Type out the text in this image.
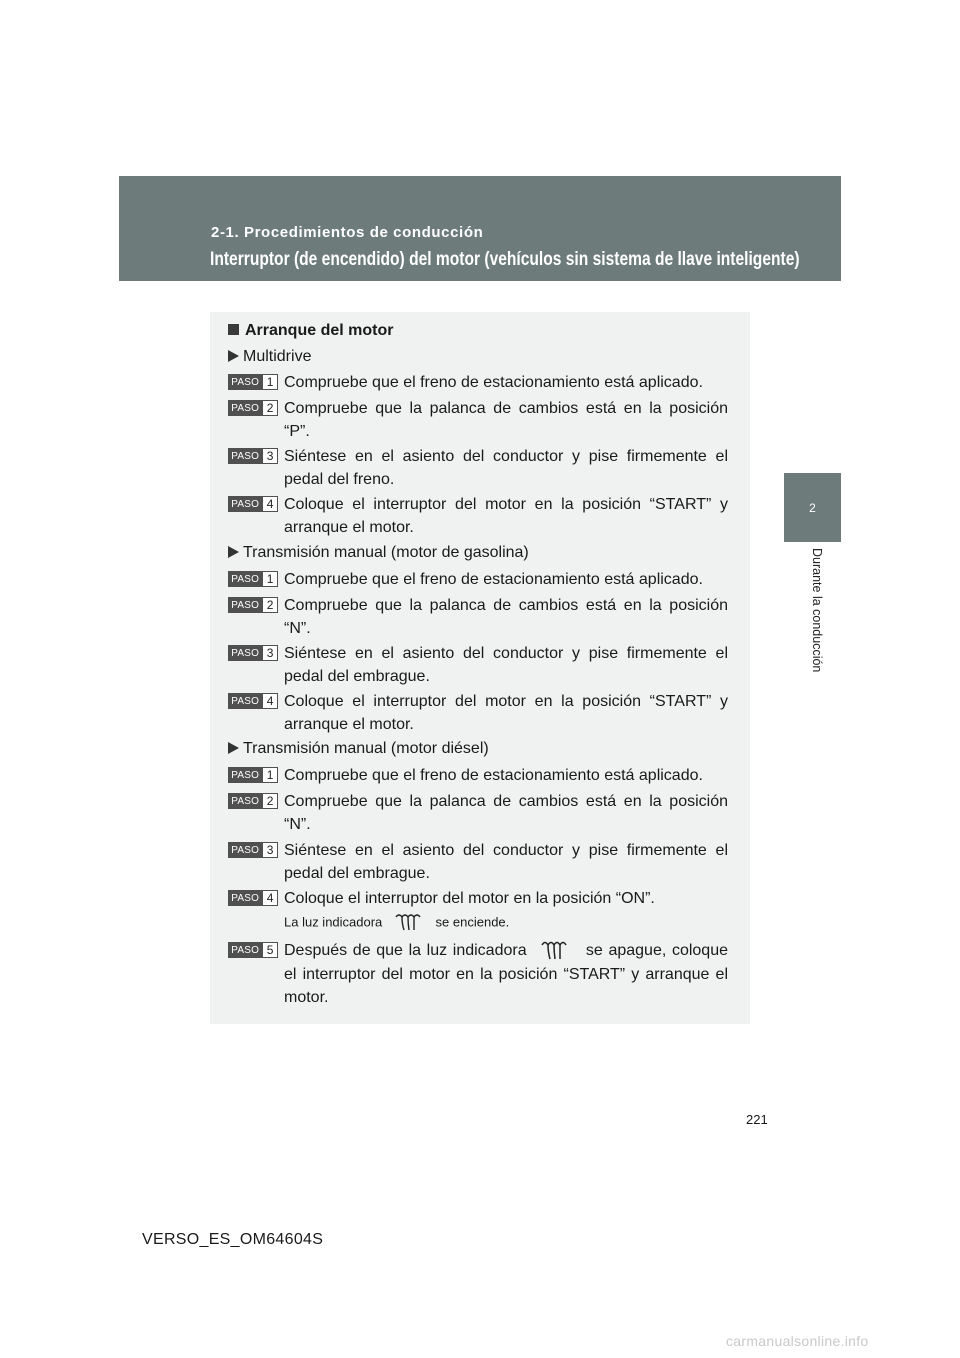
2-1. Procedimientos de conducción
Interruptor (de encendido) del motor (vehículos sin sistema de llave inteligente)
2
Durante la conducción
Arranque del motor
Multidrive
PASO 1 Compruebe que el freno de estacionamiento está aplicado.
PASO 2 Compruebe que la palanca de cambios está en la posición “P”.
PASO 3 Siéntese en el asiento del conductor y pise firmemente el pedal del freno.
PASO 4 Coloque el interruptor del motor en la posición “START” y arranque el motor.
Transmisión manual (motor de gasolina)
PASO 1 Compruebe que el freno de estacionamiento está aplicado.
PASO 2 Compruebe que la palanca de cambios está en la posición “N”.
PASO 3 Siéntese en el asiento del conductor y pise firmemente el pedal del embrague.
PASO 4 Coloque el interruptor del motor en la posición “START” y arranque el motor.
Transmisión manual (motor diésel)
PASO 1 Compruebe que el freno de estacionamiento está aplicado.
PASO 2 Compruebe que la palanca de cambios está en la posición “N”.
PASO 3 Siéntese en el asiento del conductor y pise firmemente el pedal del embrague.
PASO 4 Coloque el interruptor del motor en la posición “ON”.
La luz indicadora	se enciende.
PASO 5 Después de que la luz indicadora	se apague, coloque el interruptor del motor en la posición “START” y arranque el motor.
221
VERSO_ES_OM64604S
carmanualsonline.info
